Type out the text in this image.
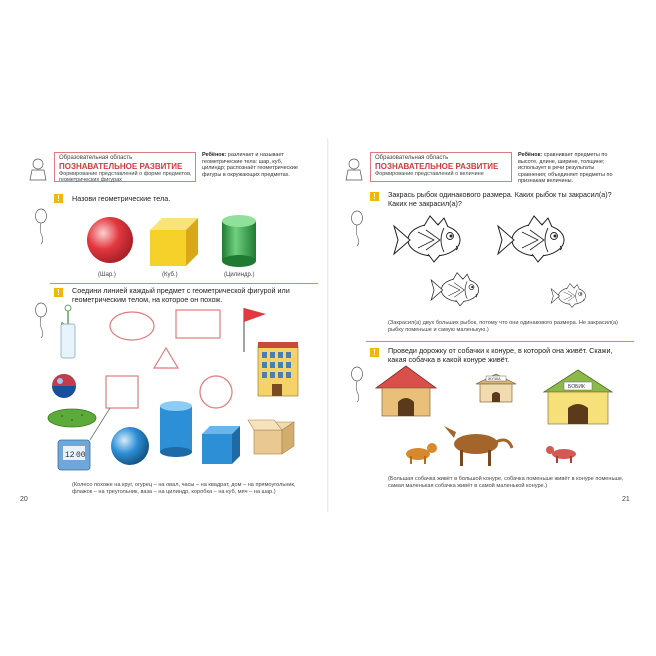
Образовательная область
ПОЗНАВАТЕЛЬНОЕ РАЗВИТИЕ
Формирование представлений о форме предметов, геометрических фигурах
Ребёнок: различает и называет геометрические тела: шар, куб, цилиндр; распознаёт геометрические фигуры в окружающих предметах.
!	Назови геометрические тела.
(Шар.)	(Куб.)	(Цилиндр.)
!	Соедини линией каждый предмет с геометрической фигурой или геометрическим телом, на которое он похож.
12 00
(Колесо похоже на круг, огурец – на овал, часы – на квадрат, дом – на прямоугольник, флажок – на треугольник, ваза – на цилиндр, коробка – на куб, мяч – на шар.)
20
Образовательная область
ПОЗНАВАТЕЛЬНОЕ РАЗВИТИЕ
Формирование представлений о величине
Ребёнок: сравнивает предметы по высоте, длине, ширине, толщине; использует в речи результаты сравнения; объединяет предметы по признакам величины.
!	Закрась рыбок одинакового размера. Каких рыбок ты закрасил(а)? Каких не закрасил(а)?
(Закрасил(а) двух больших рыбок, потому что они одинакового размера. Не закрасил(а) рыбку поменьше и самую маленькую.)
!	Проведи дорожку от собачки к конуре, в которой она живёт. Скажи, какая собачка в какой конуре живёт.
ЖУЧКА
БОБИК
(Большая собачка живёт в большой конуре, собачка поменьше живёт в конуре поменьше, самая маленькая собачка живёт в самой маленькой конуре.)
21
